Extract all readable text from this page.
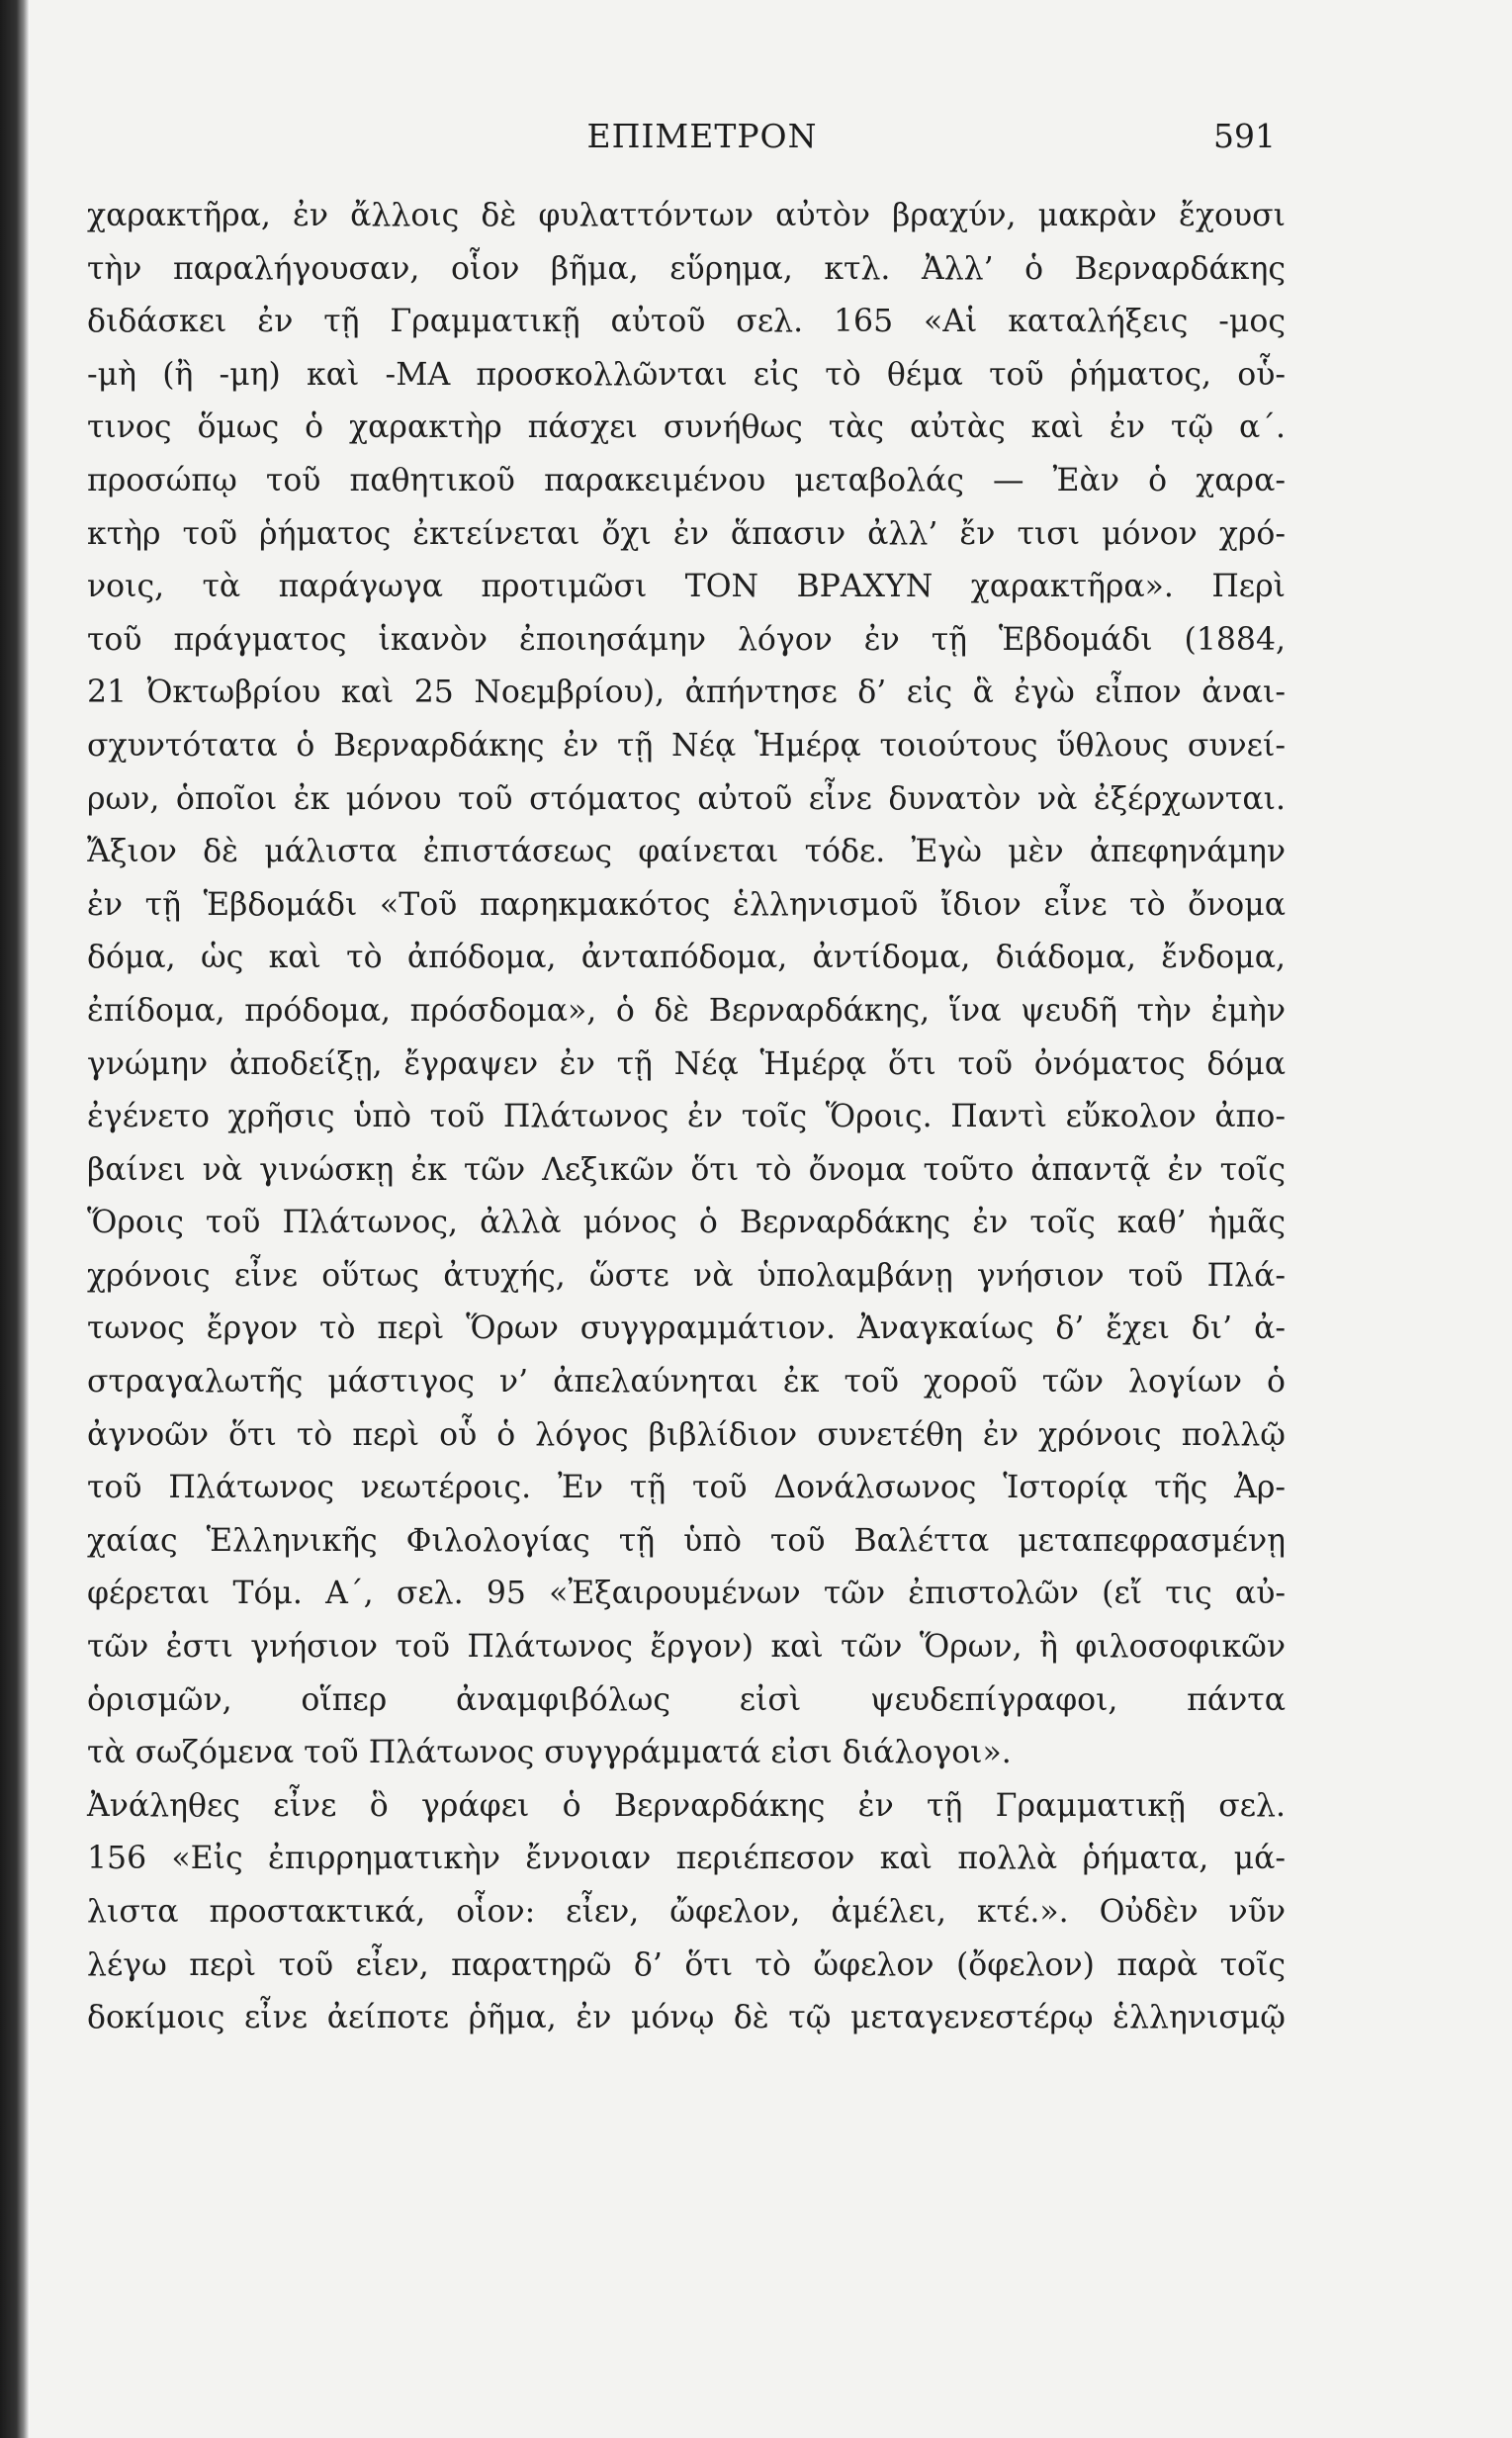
ΕΠΙΜΕΤΡΟΝ	591
χαρακτῆρα, ἐν ἄλλοις δὲ φυλαττόντων αὐτὸν βραχύν, μακρὰν ἔχουσι
τὴν παραλήγουσαν, οἷον βῆμα, εὕρημα, κτλ. Ἀλλ’ ὁ Βερναρδάκης
διδάσκει ἐν τῇ Γραμματικῇ αὐτοῦ σελ. 165 «Αἱ καταλήξεις -μος
-μὴ (ἢ -μη) καὶ -ΜΑ προσκολλῶνται εἰς τὸ θέμα τοῦ ῥήματος, οὗ-
τινος ὅμως ὁ χαρακτὴρ πάσχει συνήθως τὰς αὐτὰς καὶ ἐν τῷ α΄.
προσώπῳ τοῦ παθητικοῦ παρακειμένου μεταβολάς — Ἐὰν ὁ χαρα-
κτὴρ τοῦ ῥήματος ἐκτείνεται ὄχι ἐν ἅπασιν ἀλλ’ ἔν τισι μόνον χρό-
νοις, τὰ παράγωγα προτιμῶσι ΤΟΝ ΒΡΑΧΥΝ χαρακτῆρα». Περὶ
τοῦ πράγματος ἱκανὸν ἐποιησάμην λόγον ἐν τῇ Ἑβδομάδι (1884,
21 Ὀκτωβρίου καὶ 25 Νοεμβρίου), ἀπήντησε δ’ εἰς ἃ ἐγὼ εἶπον ἀναι-
σχυντότατα ὁ Βερναρδάκης ἐν τῇ Νέᾳ Ἡμέρᾳ τοιούτους ὕθλους συνεί-
ρων, ὁποῖοι ἐκ μόνου τοῦ στόματος αὐτοῦ εἶνε δυνατὸν νὰ ἐξέρχωνται.
Ἄξιον δὲ μάλιστα ἐπιστάσεως φαίνεται τόδε. Ἐγὼ μὲν ἀπεφηνάμην
ἐν τῇ Ἑβδομάδι «Τοῦ παρηκμακότος ἑλληνισμοῦ ἴδιον εἶνε τὸ ὄνομα
δόμα, ὡς καὶ τὸ ἀπόδομα, ἀνταπόδομα, ἀντίδομα, διάδομα, ἔνδομα,
ἐπίδομα, πρόδομα, πρόσδομα», ὁ δὲ Βερναρδάκης, ἵνα ψευδῆ τὴν ἐμὴν
γνώμην ἀποδείξῃ, ἔγραψεν ἐν τῇ Νέᾳ Ἡμέρᾳ ὅτι τοῦ ὀνόματος δόμα
ἐγένετο χρῆσις ὑπὸ τοῦ Πλάτωνος ἐν τοῖς Ὅροις. Παντὶ εὔκολον ἀπο-
βαίνει νὰ γινώσκῃ ἐκ τῶν Λεξικῶν ὅτι τὸ ὄνομα τοῦτο ἀπαντᾷ ἐν τοῖς
Ὅροις τοῦ Πλάτωνος, ἀλλὰ μόνος ὁ Βερναρδάκης ἐν τοῖς καθ’ ἡμᾶς
χρόνοις εἶνε οὕτως ἀτυχής, ὥστε νὰ ὑπολαμβάνῃ γνήσιον τοῦ Πλά-
τωνος ἔργον τὸ περὶ Ὅρων συγγραμμάτιον. Ἀναγκαίως δ’ ἔχει δι’ ἀ-
στραγαλωτῆς μάστιγος ν’ ἀπελαύνηται ἐκ τοῦ χοροῦ τῶν λογίων ὁ
ἀγνοῶν ὅτι τὸ περὶ οὗ ὁ λόγος βιβλίδιον συνετέθη ἐν χρόνοις πολλῷ
τοῦ Πλάτωνος νεωτέροις. Ἐν τῇ τοῦ Δονάλσωνος Ἱστορίᾳ τῆς Ἀρ-
χαίας Ἑλληνικῆς Φιλολογίας τῇ ὑπὸ τοῦ Βαλέττα μεταπεφρασμένῃ
φέρεται Τόμ. Α΄, σελ. 95 «Ἐξαιρουμένων τῶν ἐπιστολῶν (εἴ τις αὐ-
τῶν ἐστι γνήσιον τοῦ Πλάτωνος ἔργον) καὶ τῶν Ὅρων, ἢ φιλοσοφικῶν
ὁρισμῶν, οἵπερ ἀναμφιβόλως εἰσὶ ψευδεπίγραφοι, πάντα
τὰ σωζόμενα τοῦ Πλάτωνος συγγράμματά εἰσι διάλογοι».
Ἀνάληθες εἶνε ὃ γράφει ὁ Βερναρδάκης ἐν τῇ Γραμματικῇ σελ.
156 «Εἰς ἐπιρρηματικὴν ἔννοιαν περιέπεσον καὶ πολλὰ ῥήματα, μά-
λιστα προστακτικά, οἷον: εἶεν, ὤφελον, ἀμέλει, κτέ.». Οὐδὲν νῦν
λέγω περὶ τοῦ εἶεν, παρατηρῶ δ’ ὅτι τὸ ὤφελον (ὄφελον) παρὰ τοῖς
δοκίμοις εἶνε ἀείποτε ῥῆμα, ἐν μόνῳ δὲ τῷ μεταγενεστέρῳ ἑλληνισμῷ
